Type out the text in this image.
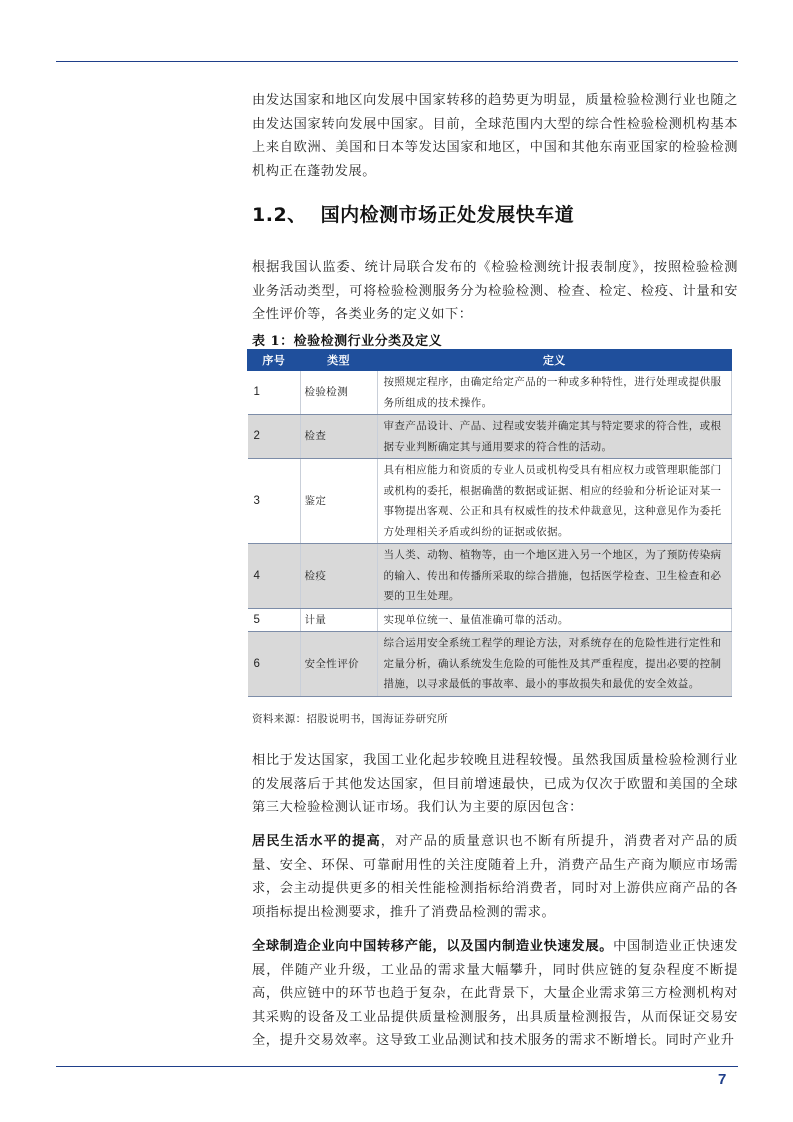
由发达国家和地区向发展中国家转移的趋势更为明显，质量检验检测行业也随之由发达国家转向发展中国家。目前，全球范围内大型的综合性检验检测机构基本上来自欧洲、美国和日本等发达国家和地区，中国和其他东南亚国家的检验检测机构正在蓬勃发展。

1.2、 国内检测市场正处发展快车道

根据我国认监委、统计局联合发布的《检验检测统计报表制度》，按照检验检测业务活动类型，可将检验检测服务分为检验检测、检查、检定、检疫、计量和安全性评价等，各类业务的定义如下：

表 1：检验检测行业分类及定义
序号	类型	定义
1	检验检测	按照规定程序，由确定给定产品的一种或多种特性，进行处理或提供服务所组成的技术操作。
2	检查	审查产品设计、产品、过程或安装并确定其与特定要求的符合性，或根据专业判断确定其与通用要求的符合性的活动。
3	鉴定	具有相应能力和资质的专业人员或机构受具有相应权力或管理职能部门或机构的委托，根据确凿的数据或证据、相应的经验和分析论证对某一事物提出客观、公正和具有权威性的技术仲裁意见，这种意见作为委托方处理相关矛盾或纠纷的证据或依据。
4	检疫	当人类、动物、植物等，由一个地区进入另一个地区，为了预防传染病的输入、传出和传播所采取的综合措施，包括医学检查、卫生检查和必要的卫生处理。
5	计量	实现单位统一、量值准确可靠的活动。
6	安全性评价	综合运用安全系统工程学的理论方法，对系统存在的危险性进行定性和定量分析，确认系统发生危险的可能性及其严重程度，提出必要的控制措施，以寻求最低的事故率、最小的事故损失和最优的安全效益。
资料来源：招股说明书，国海证券研究所

相比于发达国家，我国工业化起步较晚且进程较慢。虽然我国质量检验检测行业的发展落后于其他发达国家，但目前增速最快，已成为仅次于欧盟和美国的全球第三大检验检测认证市场。我们认为主要的原因包含：

居民生活水平的提高，对产品的质量意识也不断有所提升，消费者对产品的质量、安全、环保、可靠耐用性的关注度随着上升，消费产品生产商为顺应市场需求，会主动提供更多的相关性能检测指标给消费者，同时对上游供应商产品的各项指标提出检测要求，推升了消费品检测的需求。

全球制造企业向中国转移产能，以及国内制造业快速发展。中国制造业正快速发展，伴随产业升级，工业品的需求量大幅攀升，同时供应链的复杂程度不断提高，供应链中的环节也趋于复杂，在此背景下，大量企业需求第三方检测机构对其采购的设备及工业品提供质量检测服务，出具质量检测报告，从而保证交易安全，提升交易效率。这导致工业品测试和技术服务的需求不断增长。同时产业升

7
